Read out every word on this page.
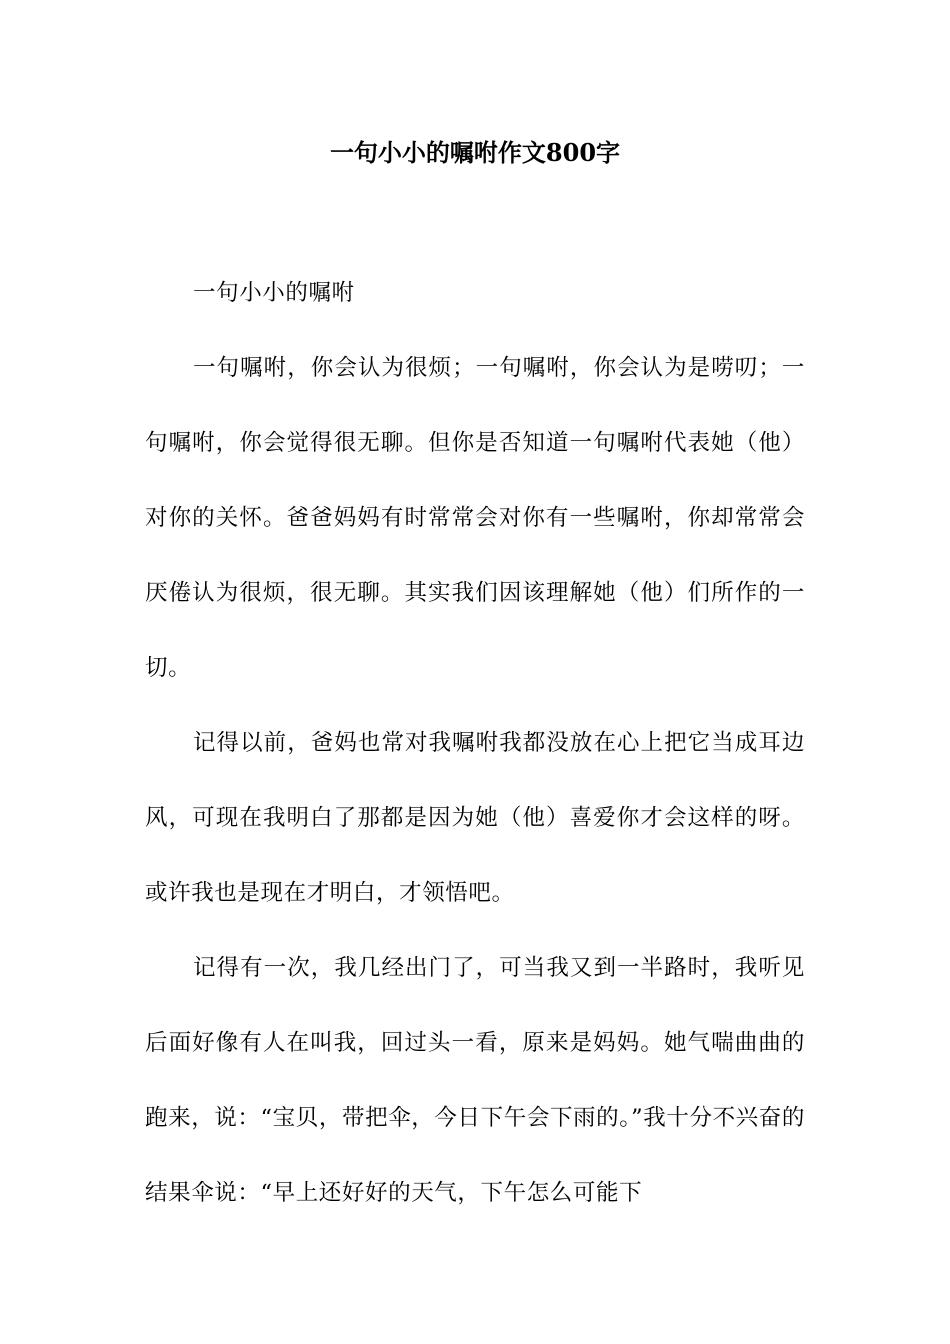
一句小小的嘱咐作文800字

一句小小的嘱咐

一句嘱咐，你会认为很烦；一句嘱咐，你会认为是唠叨；一句嘱咐，你会觉得很无聊。但你是否知道一句嘱咐代表她（他）对你的关怀。爸爸妈妈有时常常会对你有一些嘱咐，你却常常会厌倦认为很烦，很无聊。其实我们因该理解她（他）们所作的一切。

记得以前，爸妈也常对我嘱咐我都没放在心上把它当成耳边风，可现在我明白了那都是因为她（他）喜爱你才会这样的呀。或许我也是现在才明白，才领悟吧。

记得有一次，我几经出门了，可当我又到一半路时，我听见后面好像有人在叫我，回过头一看，原来是妈妈。她气喘曲曲的跑来，说：“宝贝，带把伞，今日下午会下雨的。”我十分不兴奋的结果伞说：“早上还好好的天气，下午怎么可能下
